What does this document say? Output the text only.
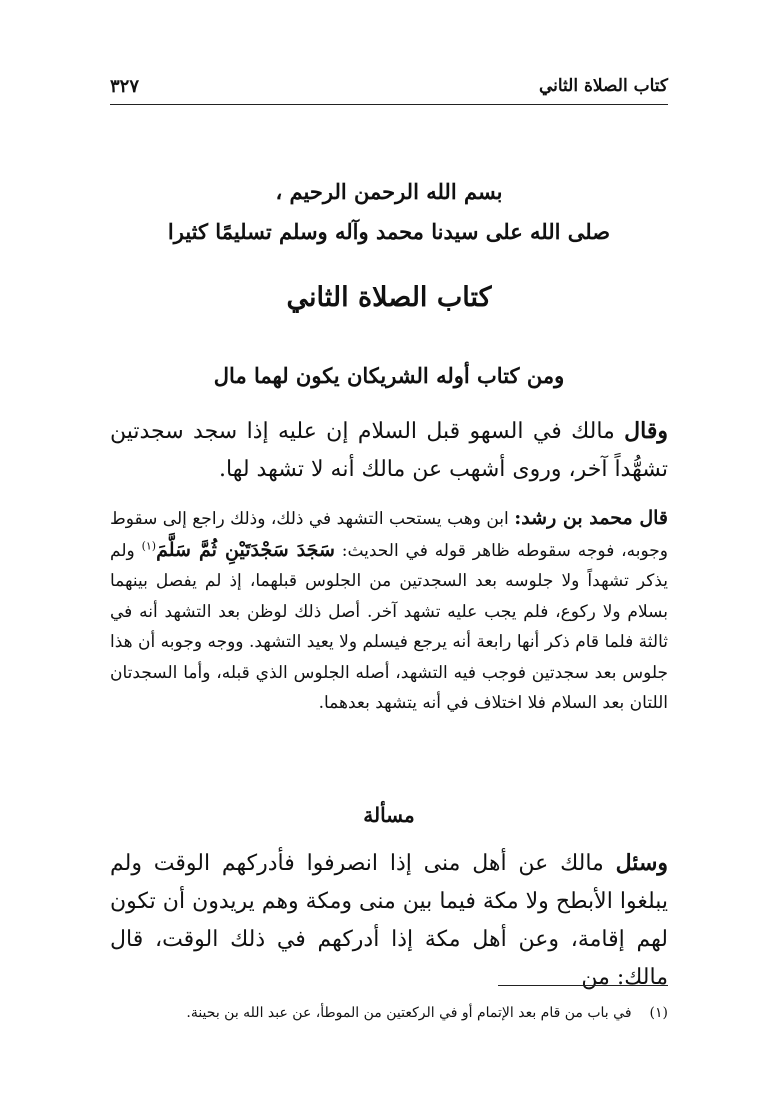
كتاب الصلاة الثاني
٣٢٧
بسم الله الرحمن الرحيم ،
صلى الله على سيدنا محمد وآله وسلم تسليمًا كثيرا
كتاب الصلاة الثاني
ومن كتاب أوله الشريكان يكون لهما مال

وقال مالك في السهو قبل السلام إن عليه إذا سجد سجدتين تشهُّداً آخر، وروى أشهب عن مالك أنه لا تشهد لها.

قال محمد بن رشد: ابن وهب يستحب التشهد في ذلك، وذلك راجع إلى سقوط وجوبه، فوجه سقوطه ظاهر قوله في الحديث: سَجَدَ سَجْدَتَيْنِ ثُمَّ سَلَّمَ$^{(١)}$ ولم يذكر تشهداً ولا جلوسه بعد السجدتين من الجلوس قبلهما، إذ لم يفصل بينهما بسلام ولا ركوع، فلم يجب عليه تشهد آخر. أصل ذلك لوظن بعد التشهد أنه في ثالثة فلما قام ذكر أنها رابعة أنه يرجع فيسلم ولا يعيد التشهد. ووجه وجوبه أن هذا جلوس بعد سجدتين فوجب فيه التشهد، أصله الجلوس الذي قبله، وأما السجدتان اللتان بعد السلام فلا اختلاف في أنه يتشهد بعدهما.

مسألة

وسئل مالك عن أهل منى إذا انصرفوا فأدركهم الوقت ولم يبلغوا الأبطح ولا مكة فيما بين منى ومكة وهم يريدون أن تكون لهم إقامة، وعن أهل مكة إذا أدركهم في ذلك الوقت، قال مالك: من

(١)في باب من قام بعد الإتمام أو في الركعتين من الموطأ، عن عبد الله بن بحينة.
